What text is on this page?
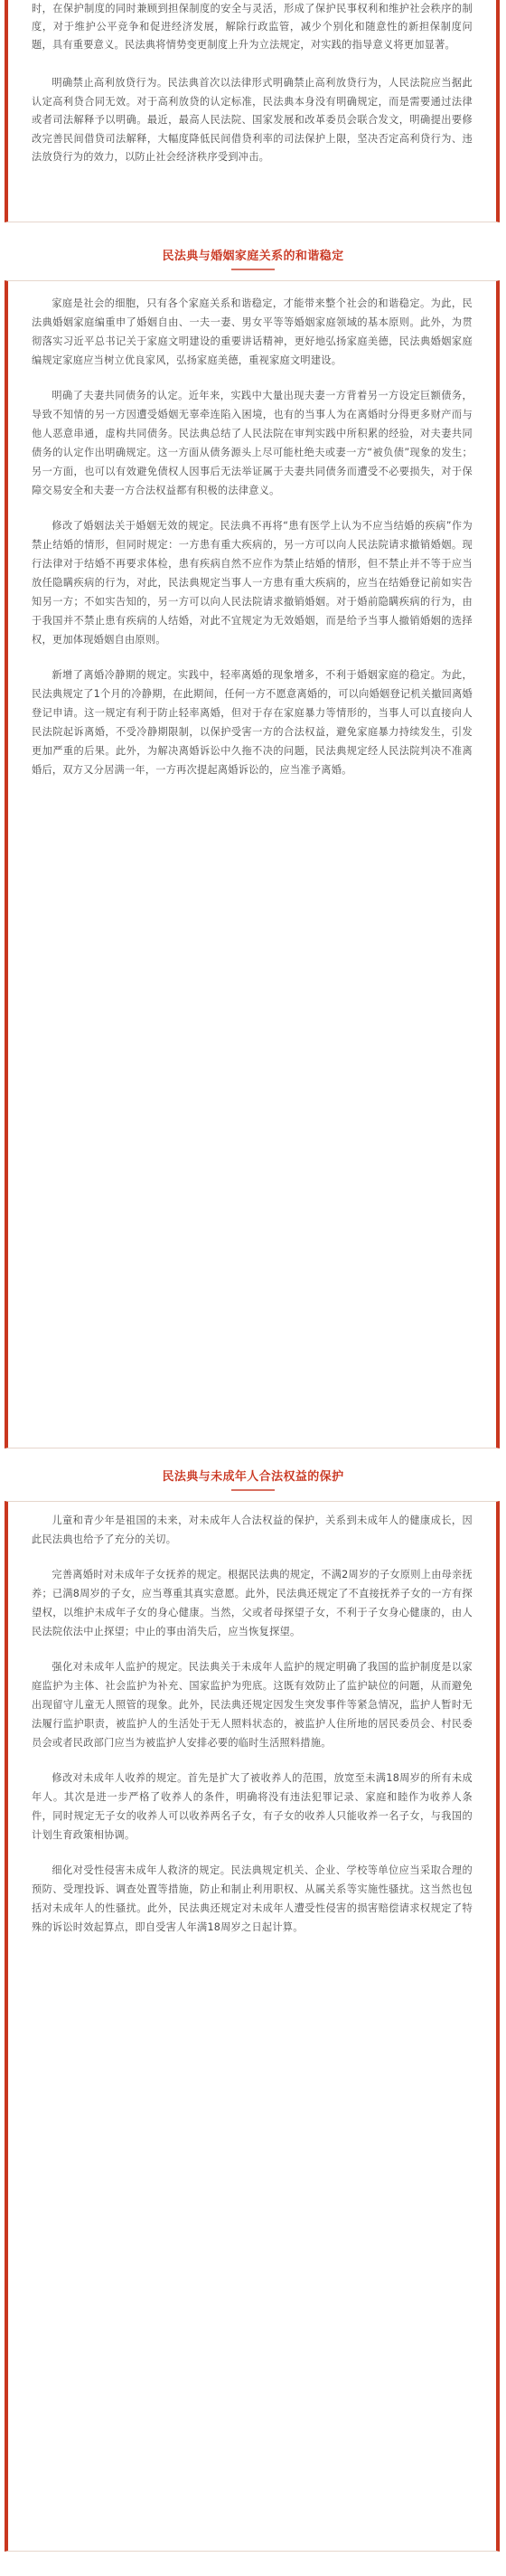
时，在保护制度的同时兼顾到担保制度的安全与灵活，形成了保护民事权利和维护社会秩序的制度，对于维护公平竞争和促进经济发展，解除行政监管，减少个别化和随意性的新担保制度问题，具有重要意义。民法典将情势变更制度上升为立法规定，对实践的指导意义将更加显著。

明确禁止高利放贷行为。民法典首次以法律形式明确禁止高利放贷行为，人民法院应当据此认定高利贷合同无效。对于高利放贷的认定标准，民法典本身没有明确规定，而是需要通过法律或者司法解释予以明确。最近，最高人民法院、国家发展和改革委员会联合发文，明确提出要修改完善民间借贷司法解释，大幅度降低民间借贷利率的司法保护上限，坚决否定高利贷行为、违法放贷行为的效力，以防止社会经济秩序受到冲击。

民法典与婚姻家庭关系的和谐稳定

家庭是社会的细胞，只有各个家庭关系和谐稳定，才能带来整个社会的和谐稳定。为此，民法典婚姻家庭编重申了婚姻自由、一夫一妻、男女平等等婚姻家庭领域的基本原则。此外，为贯彻落实习近平总书记关于家庭文明建设的重要讲话精神，更好地弘扬家庭美德，民法典婚姻家庭编规定家庭应当树立优良家风，弘扬家庭美德，重视家庭文明建设。

明确了夫妻共同债务的认定。近年来，实践中大量出现夫妻一方背着另一方设定巨额债务，导致不知情的另一方因遭受婚姻无辜牵连陷入困境，也有的当事人为在离婚时分得更多财产而与他人恶意串通，虚构共同债务。民法典总结了人民法院在审判实践中所积累的经验，对夫妻共同债务的认定作出明确规定。这一方面从债务源头上尽可能杜绝夫或妻一方“被负债”现象的发生；另一方面，也可以有效避免债权人因事后无法举证属于夫妻共同债务而遭受不必要损失，对于保障交易安全和夫妻一方合法权益都有积极的法律意义。

修改了婚姻法关于婚姻无效的规定。民法典不再将“患有医学上认为不应当结婚的疾病”作为禁止结婚的情形，但同时规定：一方患有重大疾病的，另一方可以向人民法院请求撤销婚姻。现行法律对于结婚不再要求体检，患有疾病自然不应作为禁止结婚的情形，但不禁止并不等于应当放任隐瞒疾病的行为，对此，民法典规定当事人一方患有重大疾病的，应当在结婚登记前如实告知另一方；不如实告知的，另一方可以向人民法院请求撤销婚姻。对于婚前隐瞒疾病的行为，由于我国并不禁止患有疾病的人结婚，对此不宜规定为无效婚姻，而是给予当事人撤销婚姻的选择权，更加体现婚姻自由原则。

新增了离婚冷静期的规定。实践中，轻率离婚的现象增多，不利于婚姻家庭的稳定。为此，民法典规定了1个月的冷静期，在此期间，任何一方不愿意离婚的，可以向婚姻登记机关撤回离婚登记申请。这一规定有利于防止轻率离婚，但对于存在家庭暴力等情形的，当事人可以直接向人民法院起诉离婚，不受冷静期限制，以保护受害一方的合法权益，避免家庭暴力持续发生，引发更加严重的后果。此外，为解决离婚诉讼中久拖不决的问题，民法典规定经人民法院判决不准离婚后，双方又分居满一年，一方再次提起离婚诉讼的，应当准予离婚。

民法典与未成年人合法权益的保护

儿童和青少年是祖国的未来，对未成年人合法权益的保护，关系到未成年人的健康成长，因此民法典也给予了充分的关切。

完善离婚时对未成年子女抚养的规定。根据民法典的规定，不满2周岁的子女原则上由母亲抚养；已满8周岁的子女，应当尊重其真实意愿。此外，民法典还规定了不直接抚养子女的一方有探望权，以维护未成年子女的身心健康。当然，父或者母探望子女，不利于子女身心健康的，由人民法院依法中止探望；中止的事由消失后，应当恢复探望。

强化对未成年人监护的规定。民法典关于未成年人监护的规定明确了我国的监护制度是以家庭监护为主体、社会监护为补充、国家监护为兜底。这既有效防止了监护缺位的问题，从而避免出现留守儿童无人照管的现象。此外，民法典还规定因发生突发事件等紧急情况，监护人暂时无法履行监护职责，被监护人的生活处于无人照料状态的，被监护人住所地的居民委员会、村民委员会或者民政部门应当为被监护人安排必要的临时生活照料措施。

修改对未成年人收养的规定。首先是扩大了被收养人的范围，放宽至未满18周岁的所有未成年人。其次是进一步严格了收养人的条件，明确将没有违法犯罪记录、家庭和睦作为收养人条件，同时规定无子女的收养人可以收养两名子女，有子女的收养人只能收养一名子女，与我国的计划生育政策相协调。

细化对受性侵害未成年人救济的规定。民法典规定机关、企业、学校等单位应当采取合理的预防、受理投诉、调查处置等措施，防止和制止利用职权、从属关系等实施性骚扰。这当然也包括对未成年人的性骚扰。此外，民法典还规定对未成年人遭受性侵害的损害赔偿请求权规定了特殊的诉讼时效起算点，即自受害人年满18周岁之日起计算。
